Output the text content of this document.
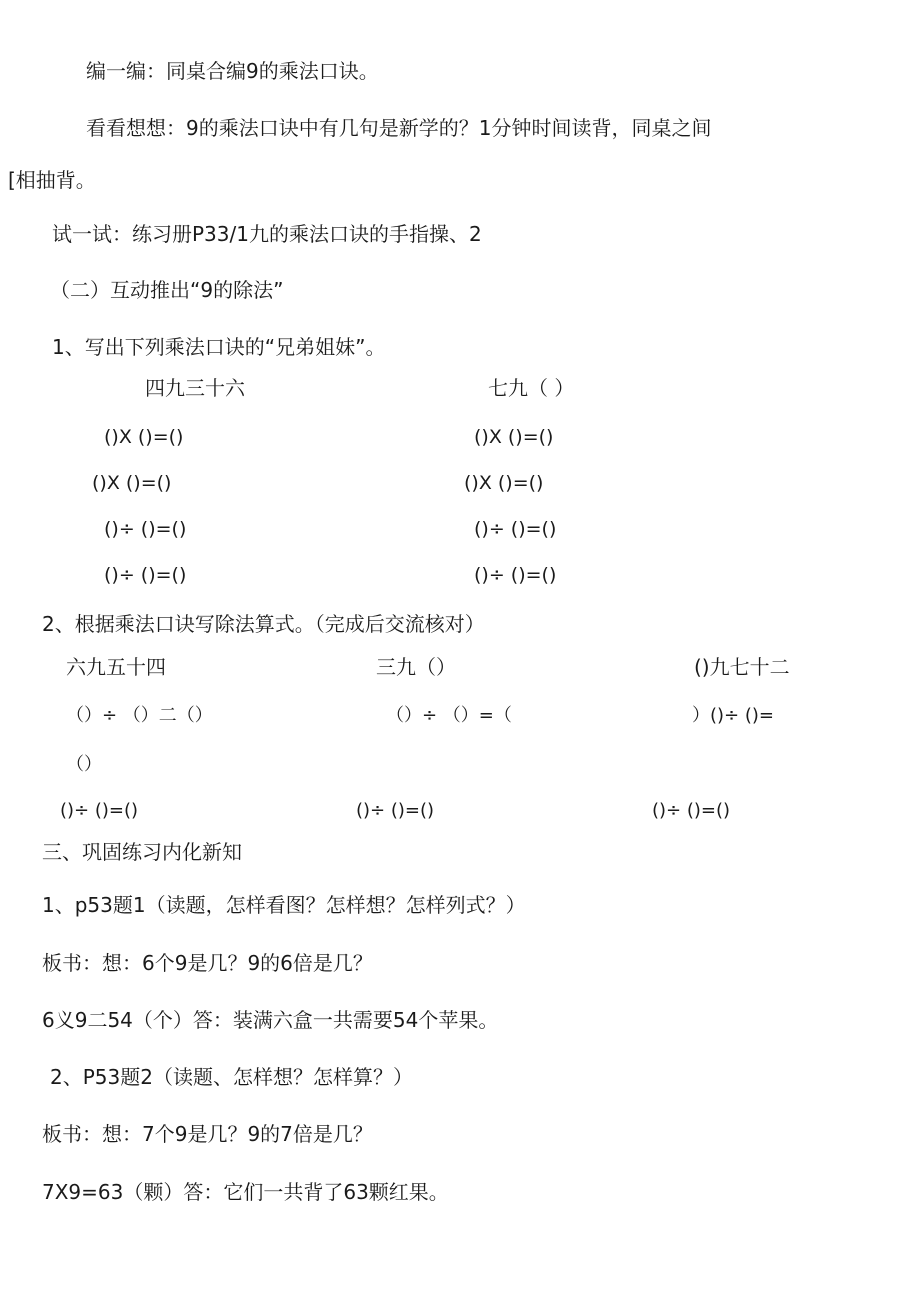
编一编：同桌合编9的乘法口诀。
看看想想：9的乘法口诀中有几句是新学的？1分钟时间读背，同桌之间
[相抽背。
试一试：练习册P33/1九的乘法口诀的手指操、2
（二）互动推出“9的除法”
1、写出下列乘法口诀的“兄弟姐妹”。
四九三十六	七九（ ）
()X ()=()	()X ()=()
()X ()=()	()X ()=()
()÷ ()=()	()÷ ()=()
()÷ ()=()	()÷ ()=()
2、根据乘法口诀写除法算式。（完成后交流核对）
六九五十四	三九（）	()九七十二
（）÷ （）二（）	（）÷ （）=（	）()÷ ()=
（）
()÷ ()=()	()÷ ()=()	()÷ ()=()
三、巩固练习内化新知
1、p53题1（读题，怎样看图？怎样想？怎样列式？）
板书：想：6个9是几？9的6倍是几？
6义9二54（个）答：装满六盒一共需要54个苹果。
2、P53题2（读题、怎样想？怎样算？）
板书：想：7个9是几？9的7倍是几？
7X9=63（颗）答：它们一共背了63颗红果。
